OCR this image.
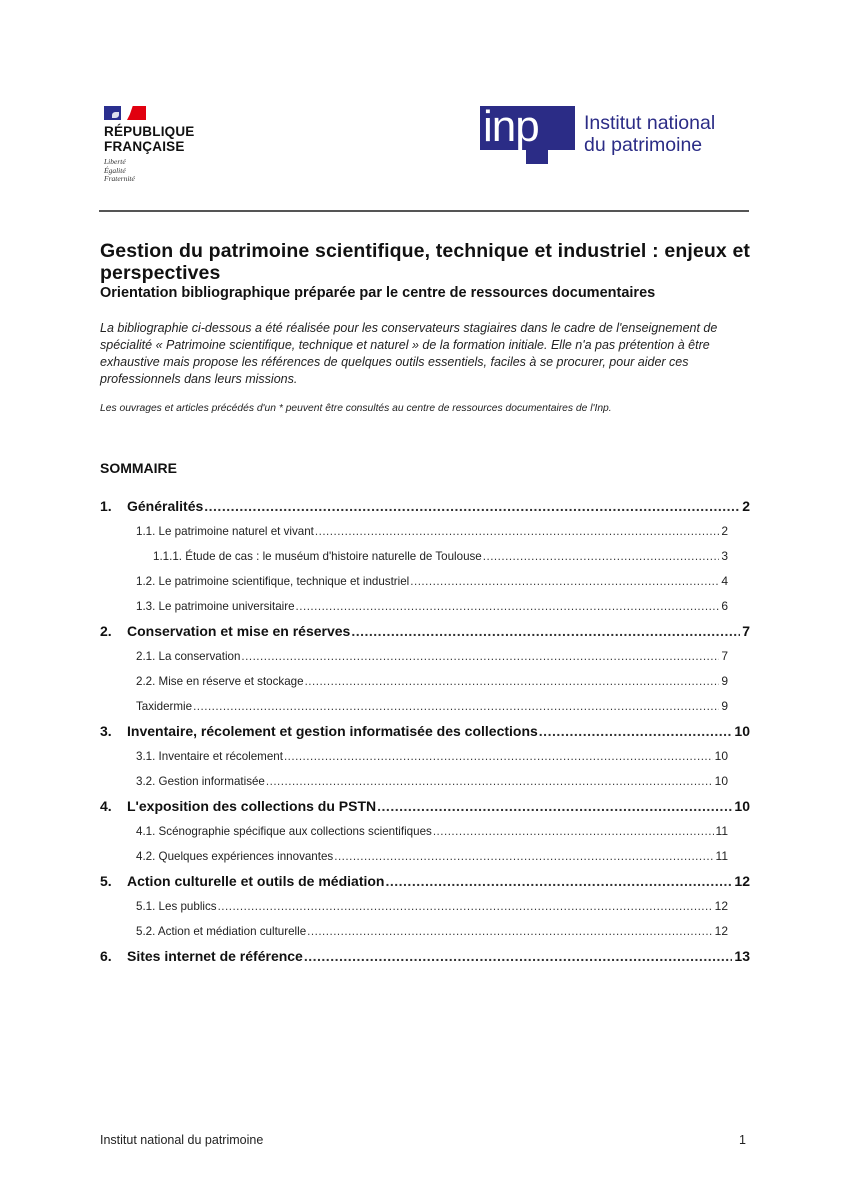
RÉPUBLIQUE
FRANÇAISE
Liberté
Égalité
Fraternité
inp Institut national
du patrimoine
Gestion du patrimoine scientifique, technique et industriel : enjeux et perspectives
Orientation bibliographique préparée par le centre de ressources documentaires
La bibliographie ci-dessous a été réalisée pour les conservateurs stagiaires dans le cadre de l'enseignement de spécialité « Patrimoine scientifique, technique et naturel » de la formation initiale. Elle n'a pas prétention à être exhaustive mais propose les références de quelques outils essentiels, faciles à se procurer, pour aider ces professionnels dans leurs missions.
Les ouvrages et articles précédés d'un * peuvent être consultés au centre de ressources documentaires de l'Inp.
SOMMAIRE
1. Généralités .....	2
1.1. Le patrimoine naturel et vivant .....	2
1.1.1. Étude de cas : le muséum d'histoire naturelle de Toulouse .....	3
1.2. Le patrimoine scientifique, technique et industriel .....	4
1.3. Le patrimoine universitaire .....	6
2. Conservation et mise en réserves .....	7
2.1. La conservation .....	7
2.2. Mise en réserve et stockage .....	9
Taxidermie .....	9
3. Inventaire, récolement et gestion informatisée des collections .....	10
3.1. Inventaire et récolement .....	10
3.2. Gestion informatisée .....	10
4. L'exposition des collections du PSTN .....	10
4.1. Scénographie spécifique aux collections scientifiques .....	11
4.2. Quelques expériences innovantes .....	11
5. Action culturelle et outils de médiation .....	12
5.1. Les publics .....	12
5.2. Action et médiation culturelle .....	12
6. Sites internet de référence .....	13
Institut national du patrimoine	1
